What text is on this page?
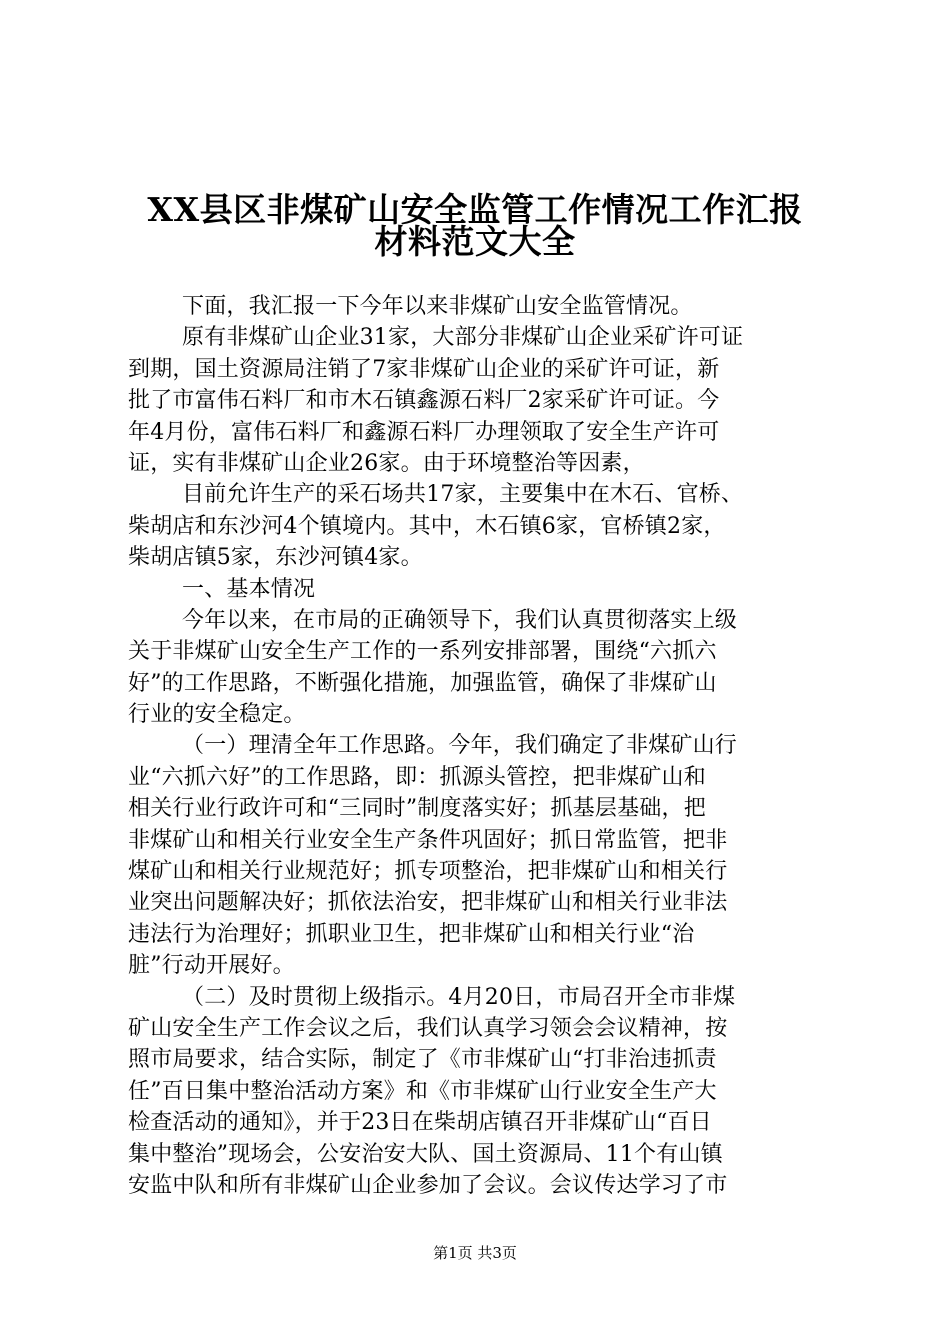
XX县区非煤矿山安全监管工作情况工作汇报
材料范文大全
下面，我汇报一下今年以来非煤矿山安全监管情况。
原有非煤矿山企业31家，大部分非煤矿山企业采矿许可证
到期，国土资源局注销了7家非煤矿山企业的采矿许可证，新
批了市富伟石料厂和市木石镇鑫源石料厂2家采矿许可证。今
年4月份，富伟石料厂和鑫源石料厂办理领取了安全生产许可
证，实有非煤矿山企业26家。由于环境整治等因素，
目前允许生产的采石场共17家，主要集中在木石、官桥、
柴胡店和东沙河4个镇境内。其中，木石镇6家，官桥镇2家，
柴胡店镇5家，东沙河镇4家。
一、基本情况
今年以来，在市局的正确领导下，我们认真贯彻落实上级
关于非煤矿山安全生产工作的一系列安排部署，围绕“六抓六
好”的工作思路，不断强化措施，加强监管，确保了非煤矿山
行业的安全稳定。
（一）理清全年工作思路。今年，我们确定了非煤矿山行
业“六抓六好”的工作思路，即：抓源头管控，把非煤矿山和
相关行业行政许可和“三同时”制度落实好；抓基层基础，把
非煤矿山和相关行业安全生产条件巩固好；抓日常监管，把非
煤矿山和相关行业规范好；抓专项整治，把非煤矿山和相关行
业突出问题解决好；抓依法治安，把非煤矿山和相关行业非法
违法行为治理好；抓职业卫生，把非煤矿山和相关行业“治
脏”行动开展好。
（二）及时贯彻上级指示。4月20日，市局召开全市非煤
矿山安全生产工作会议之后，我们认真学习领会会议精神，按
照市局要求，结合实际，制定了《市非煤矿山“打非治违抓责
任”百日集中整治活动方案》和《市非煤矿山行业安全生产大
检查活动的通知》，并于23日在柴胡店镇召开非煤矿山“百日
集中整治”现场会，公安治安大队、国土资源局、11个有山镇
安监中队和所有非煤矿山企业参加了会议。会议传达学习了市
第1页 共3页
